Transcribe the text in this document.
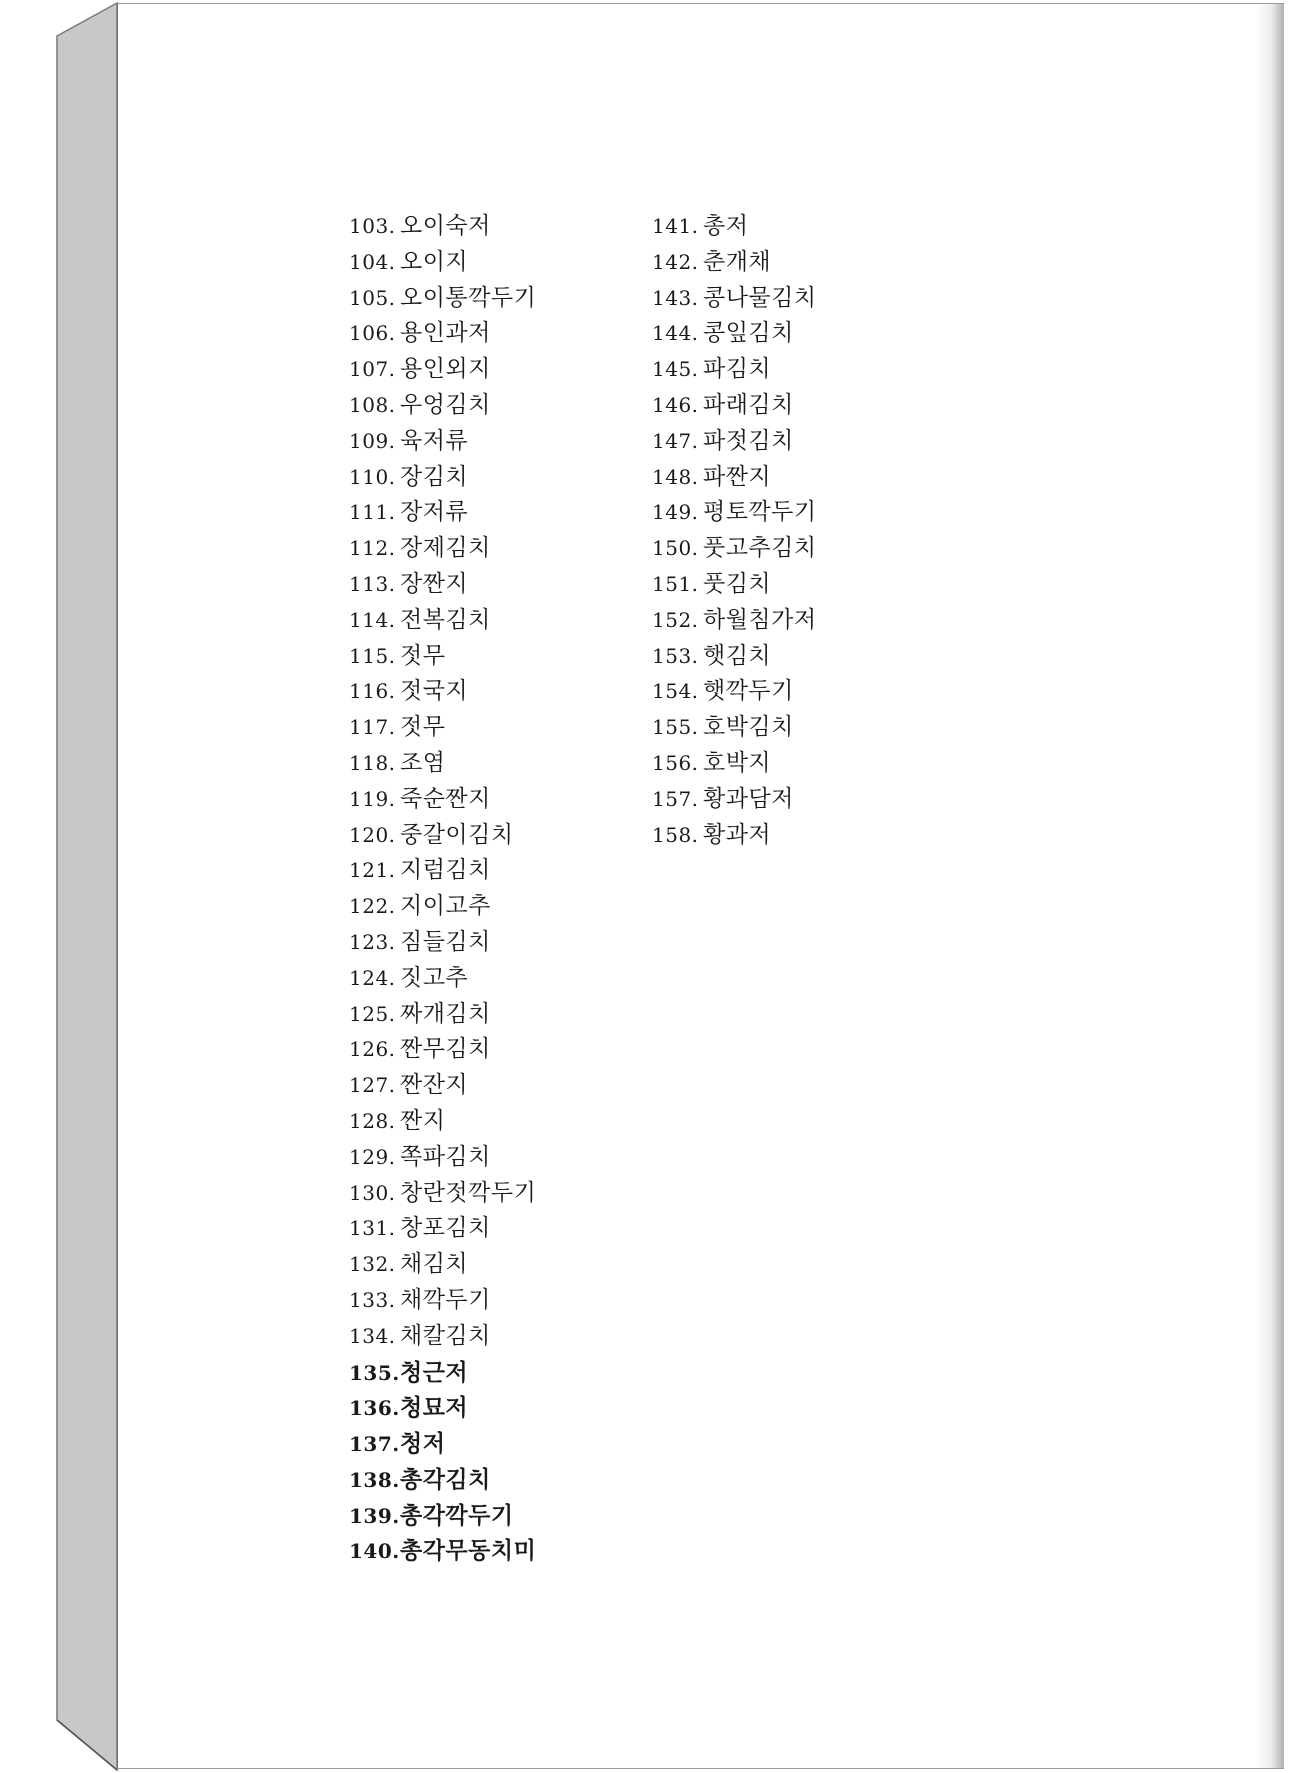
103. 오이숙저
104. 오이지
105. 오이통깍두기
106. 용인과저
107. 용인외지
108. 우엉김치
109. 육저류
110. 장김치
111. 장저류
112. 장제김치
113. 장짠지
114. 전복김치
115. 젓무
116. 젓국지
117. 젓무
118. 조염
119. 죽순짠지
120. 중갈이김치
121. 지럼김치
122. 지이고추
123. 짐들김치
124. 짓고추
125. 짜개김치
126. 짠무김치
127. 짠잔지
128. 짠지
129. 쪽파김치
130. 창란젓깍두기
131. 창포김치
132. 채김치
133. 채깍두기
134. 채칼김치
135.청근저
136.청묘저
137.청저
138.총각김치
139.총각깍두기
140.총각무동치미
141. 총저
142. 춘개채
143. 콩나물김치
144. 콩잎김치
145. 파김치
146. 파래김치
147. 파젓김치
148. 파짠지
149. 평토깍두기
150. 풋고추김치
151. 풋김치
152. 하월침가저
153. 햇김치
154. 햇깍두기
155. 호박김치
156. 호박지
157. 황과담저
158. 황과저
